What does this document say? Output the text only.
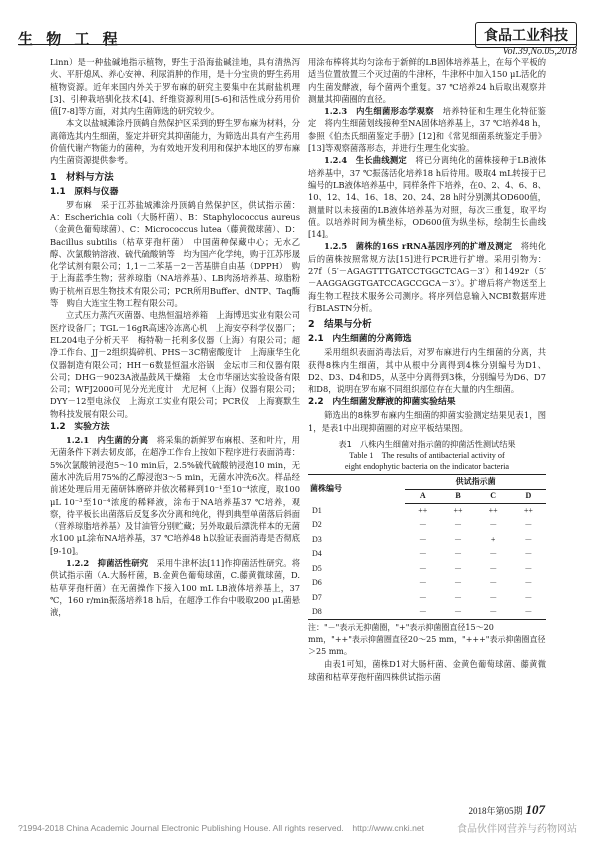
生 物 工 程	食品工业科技
Vol.39,No.05,2018

Linn）是一种盐碱地指示植物，野生于沿海盐碱洼地，具有清热泻火、平肝熄风、养心安神、利尿消肿的作用，是十分宝贵的野生药用植物资源。近年来国内外关于罗布麻的研究主要集中在其耐盐机理[3]、引种栽培驯化技术[4]、纤维资源利用[5-6]和活性成分药用价值[7-8]等方面，对其内生菌筛选的研究较少。

本文以盐城滩涂丹顶鹤自然保护区采到的野生罗布麻为材料，分离筛选其内生细菌，鉴定并研究其抑菌能力，为筛选出具有产生药用价值代谢产物能力的菌种，为有效地开发利用和保护本地区的罗布麻内生菌资源提供参考。

1　材料与方法
1.1　原料与仪器

罗布麻　采于江苏盐城滩涂丹顶鹤自然保护区，供试指示菌：A：Escherichia coli（大肠杆菌）、B：Staphylococcus aureus（金黄色葡萄球菌）、C：Micrococcus lutea（藤黄微球菌）、D：Bacillus subtilis（枯草芽孢杆菌）　中国菌种保藏中心；无水乙醇、次氯酸钠溶液、硫代硫酸钠等　均为国产化学纯，购于江苏彤晟化学试剂有限公司；1,1－二苯基－2－苦基肼自由基（DPPH）　购于上海蓝季生物；营养琼脂（NA培养基）、LB肉汤培养基、琼脂粉　购于杭州百思生物技术有限公司；PCR所用Buffer、dNTP、Taq酶等　购自大连宝生物工程有限公司。

立式压力蒸汽灭菌器、电热恒温培养箱　上海博迅实业有限公司医疗设备厂；TGL－16gR高速冷冻离心机　上海安亭科学仪器厂；EL204电子分析天平　梅特勒－托利多仪器（上海）有限公司；超净工作台、JJ－2组织捣碎机、PHS－3C精密酸度计　上海康华生化仪器制造有限公司；HH－6数显恒温水浴锅　金坛市三和仪器有限公司；DHG－9023A液晶鼓风干燥箱　太仓市华丽达实验设备有限公司；WFJ2000可见分光光度计　尤尼柯（上海）仪器有限公司；DYY－12型电泳仪　上海京工实业有限公司；PCR仪　上海赛默生物科技发展有限公司。

1.2　实验方法

1.2.1　内生菌的分离　 将采集的新鲜罗布麻根、茎和叶片，用无菌条件下剥去韧皮部，在超净工作台上按如下程序进行表面消毒：5%次氯酸钠浸泡5～10 min后，2.5%硫代硫酸钠浸泡10 min，无菌水冲洗后用75%的乙醇浸泡3～5 min，无菌水冲洗6次。样品经前述处理后用无菌研钵磨碎并依次稀释到10⁻¹至10⁻⁴浓度，取100 μL 10⁻³至10⁻⁴浓度的稀释液，涂布于NA培养基37 ℃培养，观察，待平板长出菌落后反复多次分离和纯化，得到典型单菌落后斜面（营养琼脂培养基）及甘油管分别贮藏；另外取最后漂洗样本的无菌水100 μL涂布NA培养基，37 ℃培养48 h以验证表面消毒是否彻底[9-10]。

1.2.2　抑菌活性研究　 采用牛津杯法[11]作抑菌活性研究。将供试指示菌（A.大肠杆菌，B.金黄色葡萄球菌，C.藤黄微球菌，D.枯草芽孢杆菌）在无菌操作下接入100 mL LB液体培养基上，37 ℃，160 r/min振荡培养18 h后，在超净工作台中吸取200 μL菌悬液，

用涂布棒将其均匀涂布于新鲜的LB固体培养基上，在每个平板的适当位置放置三个灭过菌的牛津杯，牛津杯中加入150 μL活化的内生菌发酵液，每个菌两个重复。37 ℃培养24 h后取出观察并测量其抑菌圈的直径。

1.2.3　内生细菌形态学观察　 培养特征和生理生化特征鉴定　将内生细菌划线接种至NA固体培养基上，37 ℃培养48 h，参照《伯杰氏细菌鉴定手册》[12]和《常见细菌系统鉴定手册》[13]等观察菌落形态，并进行生理生化实验。

1.2.4　生长曲线测定　 将已分离纯化的菌株接种于LB液体培养基中，37 ℃振荡活化培养18 h后待用。吸取4 mL转接于已编号的LB液体培养基中，同样条件下培养，在0、2、4、6、8、10、12、14、16、18、20、24、28 h时分别测其OD600值，测量时以未接菌的LB液体培养基为对照，每次三重复，取平均值。以培养时间为横坐标，OD600值为纵坐标，绘制生长曲线[14]。

1.2.5　菌株的16S rRNA基因序列的扩增及测定　 将纯化后的菌株按照常规方法[15]进行PCR进行扩增。采用引物为：27f（5′－AGAGTTTGATCCTGGCTCAG－3′）和1492r（5′－AAGGAGGTGATCCAGCCGCA－3′）。扩增后将产物送至上海生物工程技术服务公司测序。将序列信息输入NCBI数据库进行BLASTN分析。

2　结果与分析
2.1　内生细菌的分离筛选

采用组织表面消毒法后，对罗布麻进行内生细菌的分离，共获得8株内生细菌，其中从根中分离得到4株分别编号为D1、D2、D3、D4和D5，从茎中分离得到3株，分别编号为D6、D7和D8，说明在罗布麻不同组织部位存在大量的内生细菌。

2.2　内生细菌发酵液的抑菌实验结果

筛选出的8株罗布麻内生细菌的抑菌实验测定结果见表1，图1，是表1中出现抑菌圈的对应平板结果图。

表1　八株内生细菌对指示菌的抑菌活性测试结果
Table 1　The results of antibacterial activity of
eight endophytic bacteria on the indicator bacteria
菌株编号	供试指示菌			
	A	B	C	D
D1	++	++	++	++
D2	－	－	－	－
D3	－	－	+	－
D4	－	－	－	－
D5	－	－	－	－
D6	－	－	－	－
D7	－	－	－	－
D8	－	－	－	－
注："－"表示无抑菌圈，"+"表示抑菌圈直径15～20 mm，"++"表示抑菌圈直径20～25 mm，"+++"表示抑菌圈直径＞25 mm。

由表1可知，菌株D1对大肠杆菌、金黄色葡萄球菌、藤黄微球菌和枯草芽孢杆菌四株供试指示菌

2018年第05期 107
?1994-2018 China Academic Journal Electronic Publishing House. All rights reserved.　http://www.cnki.net	食品伙伴网营养与药物网站
